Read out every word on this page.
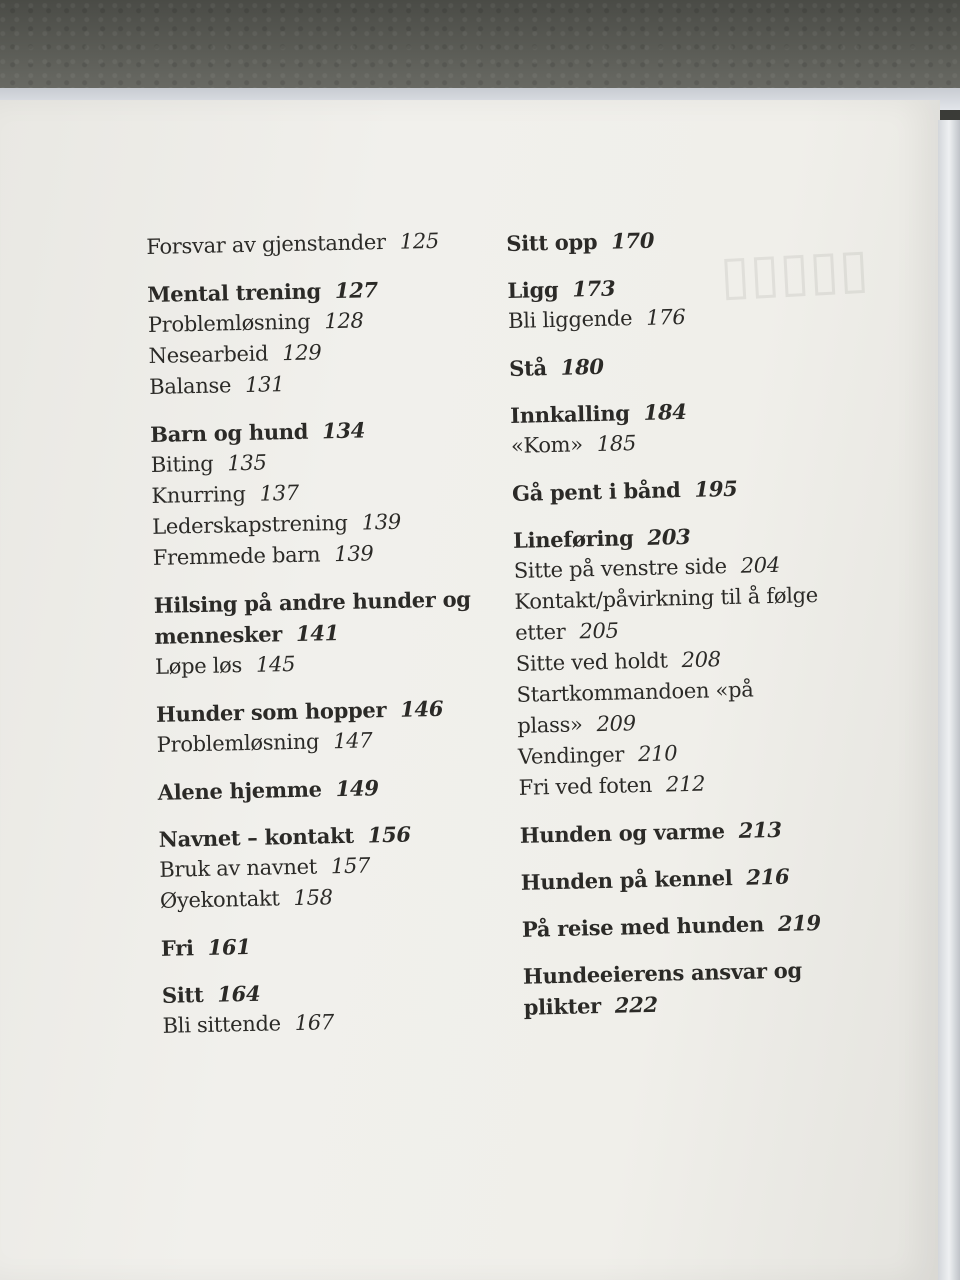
▯▯▯▯▯
Forsvar av gjenstander 125
Mental trening 127
Problemløsning 128
Nesearbeid 129
Balanse 131
Barn og hund 134
Biting 135
Knurring 137
Lederskapstrening 139
Fremmede barn 139
Hilsing på andre hunder og mennesker 141
Løpe løs 145
Hunder som hopper 146
Problemløsning 147
Alene hjemme 149
Navnet – kontakt 156
Bruk av navnet 157
Øyekontakt 158
Fri 161
Sitt 164
Bli sittende 167
Sitt opp 170
Ligg 173
Bli liggende 176
Stå 180
Innkalling 184
«Kom» 185
Gå pent i bånd 195
Lineføring 203
Sitte på venstre side 204
Kontakt/påvirkning til å følge etter 205
Sitte ved holdt 208
Startkommandoen «på plass» 209
Vendinger 210
Fri ved foten 212
Hunden og varme 213
Hunden på kennel 216
På reise med hunden 219
Hundeeierens ansvar og plikter 222
